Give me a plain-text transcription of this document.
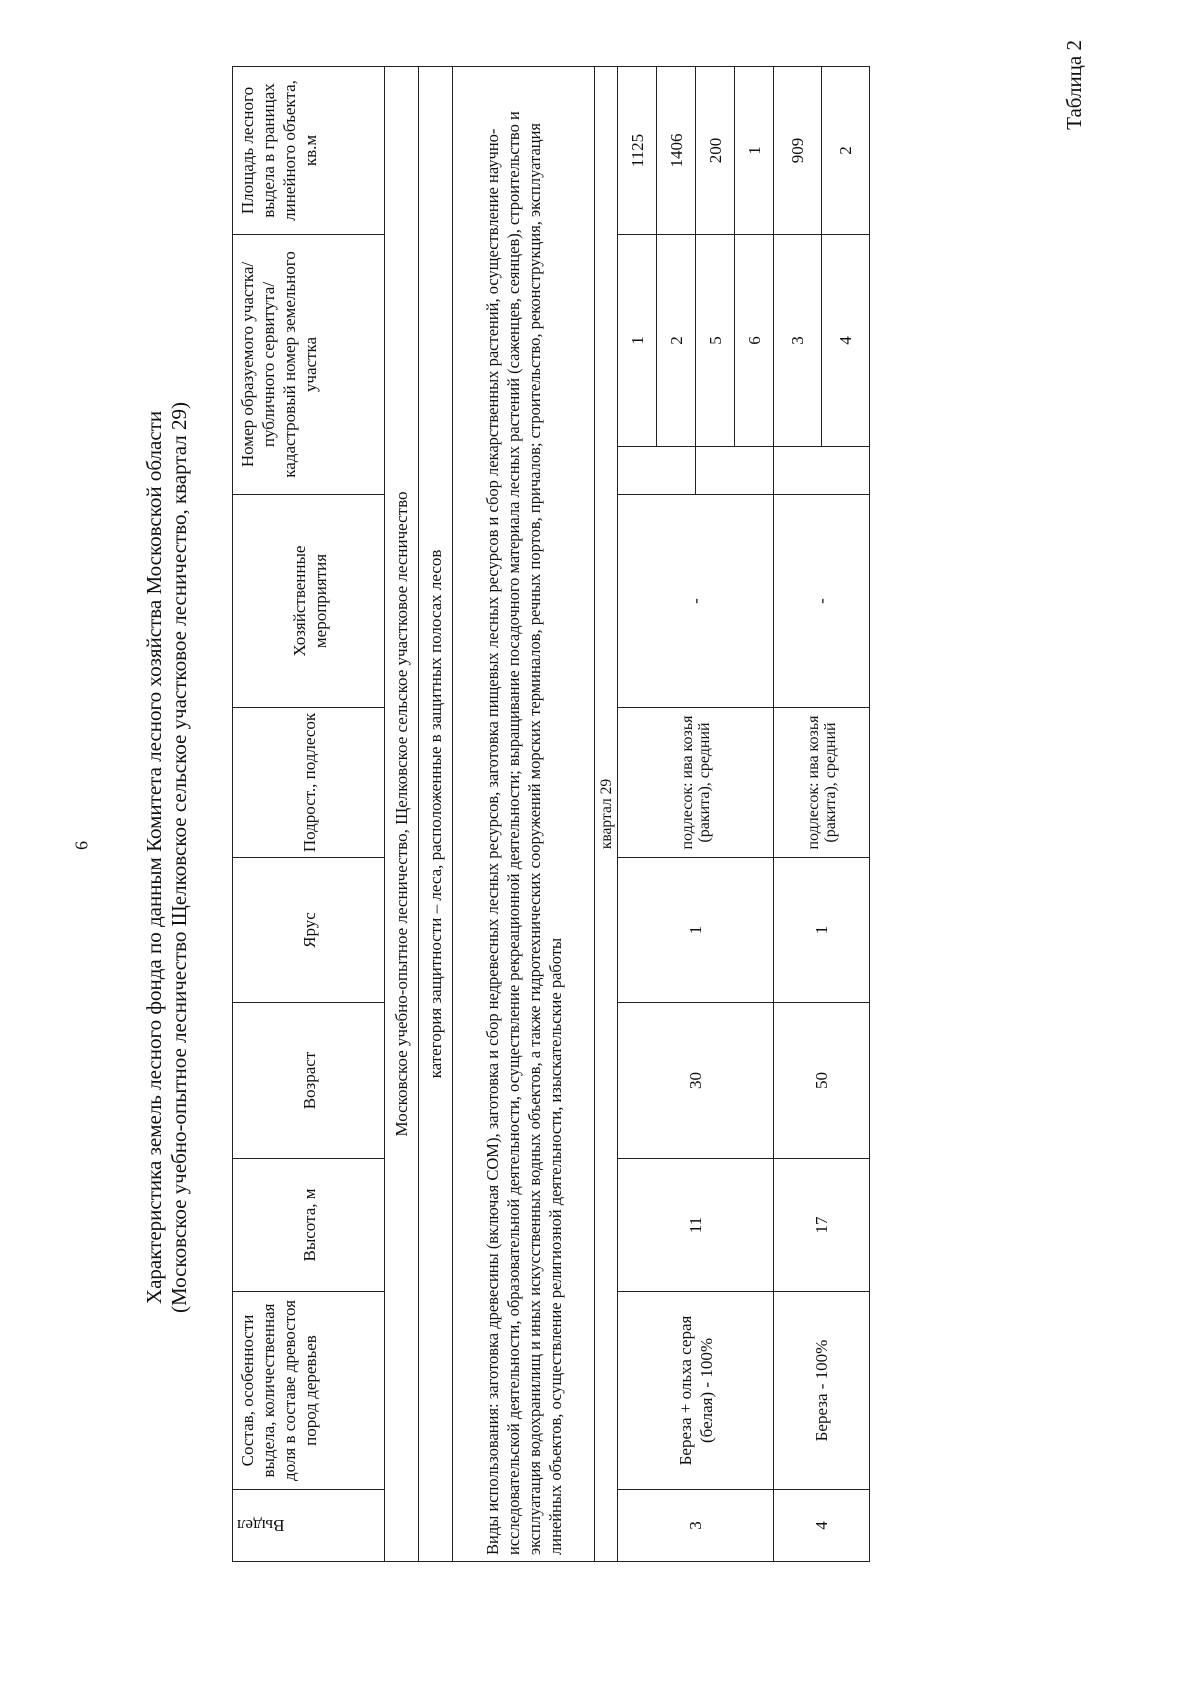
6
Таблица 2
Характеристика земель лесного фонда по данным Комитета лесного хозяйства Московской области (Московское учебно-опытное лесничество Щелковское сельское участковое лесничество, квартал 29)
Выдел	Состав, особенности выдела, количественная доля в составе древостоя пород деревьев	Высота, м	Возраст	Ярус	Подрост., подлесок	Хозяйственные мероприятия	Номер образуемого участка/ публичного сервитута/кадастровый номер земельного участка		Площадь лесного выдела в границах линейного объекта, кв.м
Московское учебно-опытное лесничество, Щелковское сельское участковое лесничество									
категория защитности – леса, расположенные в защитных полосах лесов									
Виды использования: заготовка древесины (включая СОМ), заготовка и сбор недревесных лесных ресурсов, заготовка пищевых лесных ресурсов и сбор лекарственных растений, осуществление научно-исследовательской деятельности, образовательной деятельности, осуществление рекреационной деятельности; выращивание посадочного материала лесных растений (саженцев, сеянцев), строительство и эксплуатация водохранилищ и иных искусственных водных объектов, а также гидротехнических сооружений морских терминалов, речных портов, причалов; строительство, реконструкция, эксплуатация линейных объектов, осуществление религиозной деятельности, изыскательские работы									
квартал 29									
3	Береза + ольха серая (белая) - 100%	11	30	1	подлесок: ива козья (ракита), средний	-		1	1125
								2	1406
								5	200
								6	1
4	Береза - 100%	17	50	1	подлесок: ива козья (ракита), средний	-		3	909
								4	2
